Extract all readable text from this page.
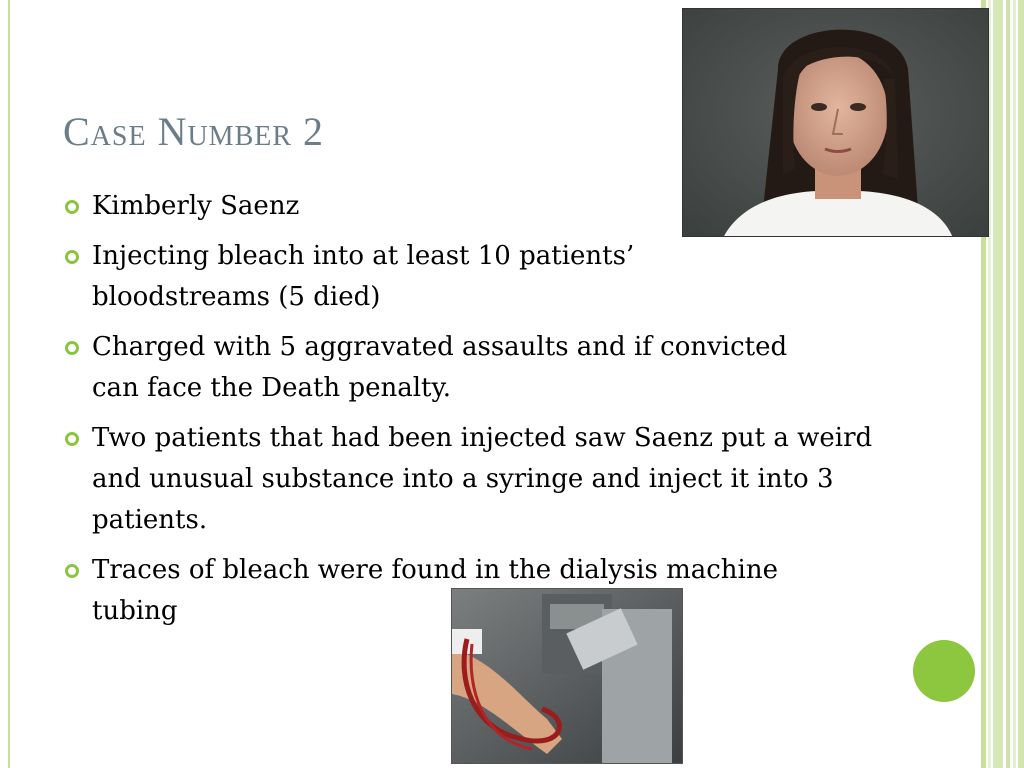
Case Number 2
Kimberly Saenz
Injecting bleach into at least 10 patients’ bloodstreams (5 died)
Charged with 5 aggravated assaults and if convicted can face the Death penalty.
Two patients that had been injected saw Saenz put a weird and unusual substance into a syringe and inject it into 3 patients.
Traces of bleach were found in the dialysis machine tubing
